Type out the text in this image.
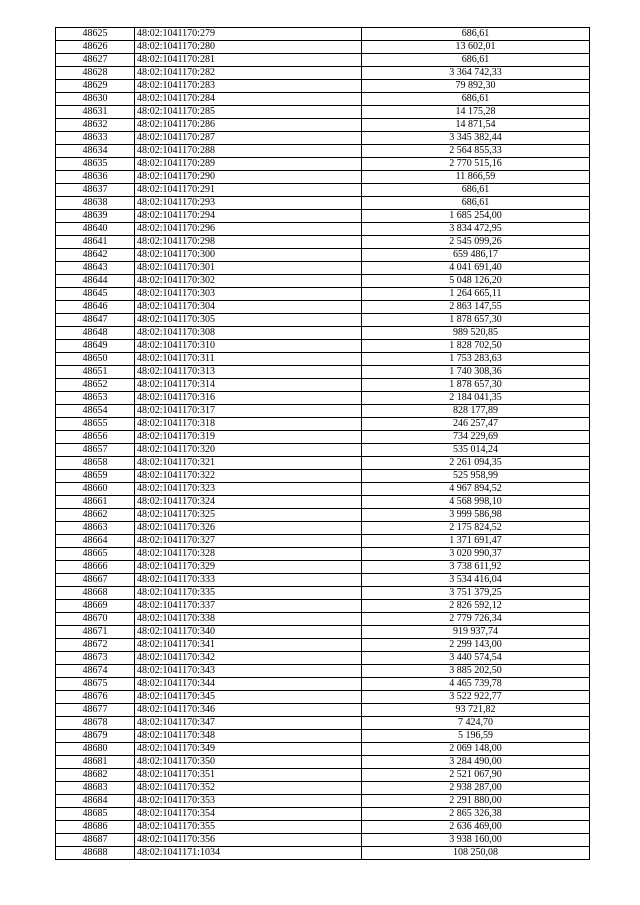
48625	48:02:1041170:279	686,61
48626	48:02:1041170:280	13 602,01
48627	48:02:1041170:281	686,61
48628	48:02:1041170:282	3 364 742,33
48629	48:02:1041170:283	79 892,30
48630	48:02:1041170:284	686,61
48631	48:02:1041170:285	14 175,28
48632	48:02:1041170:286	14 871,54
48633	48:02:1041170:287	3 345 382,44
48634	48:02:1041170:288	2 564 855,33
48635	48:02:1041170:289	2 770 515,16
48636	48:02:1041170:290	11 866,59
48637	48:02:1041170:291	686,61
48638	48:02:1041170:293	686,61
48639	48:02:1041170:294	1 685 254,00
48640	48:02:1041170:296	3 834 472,95
48641	48:02:1041170:298	2 545 099,26
48642	48:02:1041170:300	659 486,17
48643	48:02:1041170:301	4 041 691,40
48644	48:02:1041170:302	5 048 126,20
48645	48:02:1041170:303	1 264 665,11
48646	48:02:1041170:304	2 863 147,55
48647	48:02:1041170:305	1 878 657,30
48648	48:02:1041170:308	989 520,85
48649	48:02:1041170:310	1 828 702,50
48650	48:02:1041170:311	1 753 283,63
48651	48:02:1041170:313	1 740 308,36
48652	48:02:1041170:314	1 878 657,30
48653	48:02:1041170:316	2 184 041,35
48654	48:02:1041170:317	828 177,89
48655	48:02:1041170:318	246 257,47
48656	48:02:1041170:319	734 229,69
48657	48:02:1041170:320	535 014,24
48658	48:02:1041170:321	2 261 094,35
48659	48:02:1041170:322	525 958,99
48660	48:02:1041170:323	4 967 894,52
48661	48:02:1041170:324	4 568 998,10
48662	48:02:1041170:325	3 999 586,98
48663	48:02:1041170:326	2 175 824,52
48664	48:02:1041170:327	1 371 691,47
48665	48:02:1041170:328	3 020 990,37
48666	48:02:1041170:329	3 738 611,92
48667	48:02:1041170:333	3 534 416,04
48668	48:02:1041170:335	3 751 379,25
48669	48:02:1041170:337	2 826 592,12
48670	48:02:1041170:338	2 779 726,34
48671	48:02:1041170:340	919 937,74
48672	48:02:1041170:341	2 299 143,00
48673	48:02:1041170:342	3 440 574,54
48674	48:02:1041170:343	3 885 202,50
48675	48:02:1041170:344	4 465 739,78
48676	48:02:1041170:345	3 522 922,77
48677	48:02:1041170:346	93 721,82
48678	48:02:1041170:347	7 424,70
48679	48:02:1041170:348	5 196,59
48680	48:02:1041170:349	2 069 148,00
48681	48:02:1041170:350	3 284 490,00
48682	48:02:1041170:351	2 521 067,90
48683	48:02:1041170:352	2 938 287,00
48684	48:02:1041170:353	2 291 880,00
48685	48:02:1041170:354	2 865 326,38
48686	48:02:1041170:355	2 636 469,00
48687	48:02:1041170:356	3 938 160,00
48688	48:02:1041171:1034	108 250,08
